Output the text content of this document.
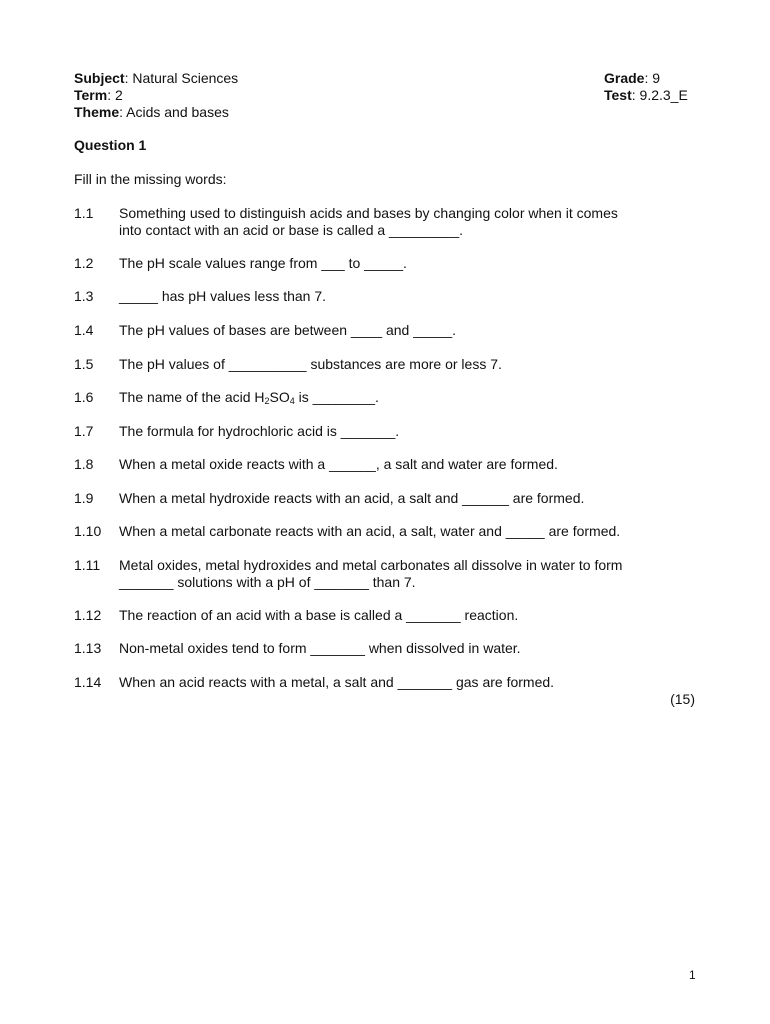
Subject: Natural Sciences
Term: 2
Theme: Acids and bases
Grade: 9
Test: 9.2.3_E
Question 1
Fill in the missing words:
1.1	Something used to distinguish acids and bases by changing color when it comes
into contact with an acid or base is called a _________.
1.2	The pH scale values range from ___ to _____.
1.3	_____ has pH values less than 7.
1.4	The pH values of bases are between ____ and _____.
1.5	The pH values of __________ substances are more or less 7.
1.6	The name of the acid H2SO4 is ________.
1.7	The formula for hydrochloric acid is _______.
1.8	When a metal oxide reacts with a ______, a salt and water are formed.
1.9	When a metal hydroxide reacts with an acid, a salt and ______ are formed.
1.10	When a metal carbonate reacts with an acid, a salt, water and _____ are formed.
1.11	Metal oxides, metal hydroxides and metal carbonates all dissolve in water to form
_______ solutions with a pH of _______ than 7.
1.12	The reaction of an acid with a base is called a _______ reaction.
1.13	Non-metal oxides tend to form _______ when dissolved in water.
1.14	When an acid reacts with a metal, a salt and _______ gas are formed.
(15)
1
